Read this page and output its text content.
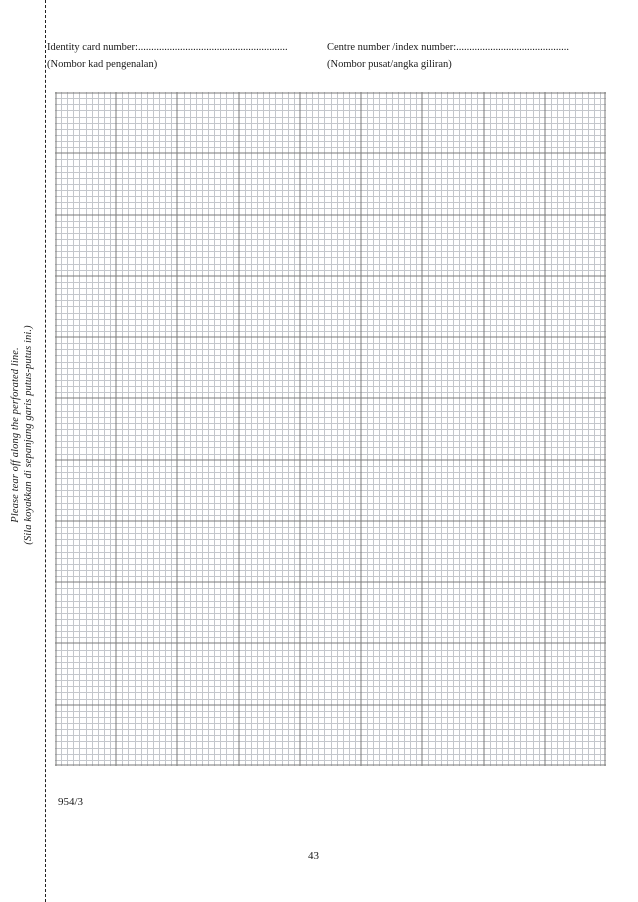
Please tear off along the perforated line. (Sila koyakkan di sepanjang garis putus-putus ini.)
Identity card number:.........................................................
(Nombor kad pengenalan)
Centre number /index number:...........................................
(Nombor pusat/angka giliran)
954/3
43
